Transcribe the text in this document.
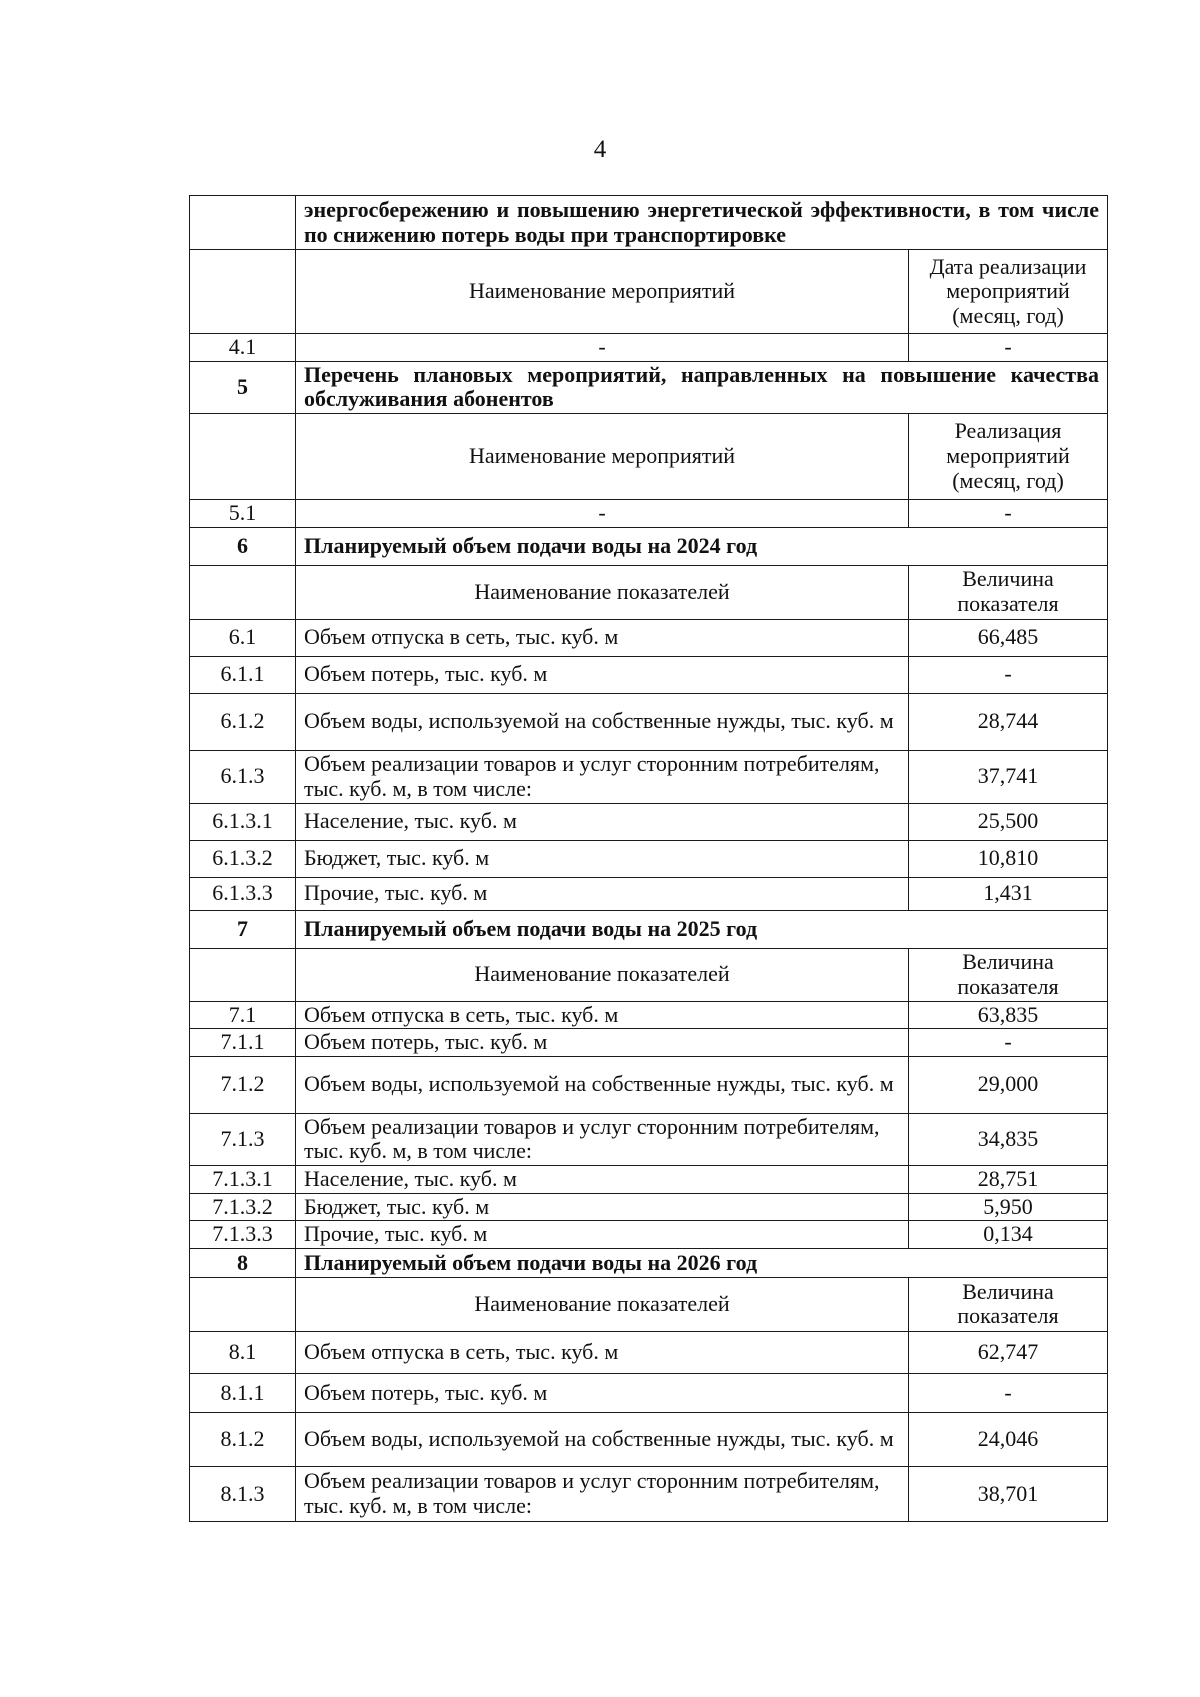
4
	энергосбережению и повышению энергетической эффективности, в том числе по снижению потерь воды при транспортировке	
	Наименование мероприятий	Дата реализации мероприятий (месяц, год)
4.1	-	-
5	Перечень плановых мероприятий, направленных на повышение качества обслуживания абонентов	
	Наименование мероприятий	Реализация мероприятий (месяц, год)
5.1	-	-
6	Планируемый объем подачи воды на 2024 год	
	Наименование показателей	Величина показателя
6.1	Объем отпуска в сеть, тыс. куб. м	66,485
6.1.1	Объем потерь, тыс. куб. м	-
6.1.2	Объем воды, используемой на собственные нужды, тыс. куб. м	28,744
6.1.3	Объем реализации товаров и услуг сторонним потребителям, тыс. куб. м, в том числе:	37,741
6.1.3.1	Население, тыс. куб. м	25,500
6.1.3.2	Бюджет, тыс. куб. м	10,810
6.1.3.3	Прочие, тыс. куб. м	1,431
7	Планируемый объем подачи воды на 2025 год	
	Наименование показателей	Величина показателя
7.1	Объем отпуска в сеть, тыс. куб. м	63,835
7.1.1	Объем потерь, тыс. куб. м	-
7.1.2	Объем воды, используемой на собственные нужды, тыс. куб. м	29,000
7.1.3	Объем реализации товаров и услуг сторонним потребителям, тыс. куб. м, в том числе:	34,835
7.1.3.1	Население, тыс. куб. м	28,751
7.1.3.2	Бюджет, тыс. куб. м	5,950
7.1.3.3	Прочие, тыс. куб. м	0,134
8	Планируемый объем подачи воды на 2026 год	
	Наименование показателей	Величина показателя
8.1	Объем отпуска в сеть, тыс. куб. м	62,747
8.1.1	Объем потерь, тыс. куб. м	-
8.1.2	Объем воды, используемой на собственные нужды, тыс. куб. м	24,046
8.1.3	Объем реализации товаров и услуг сторонним потребителям, тыс. куб. м, в том числе:	38,701
